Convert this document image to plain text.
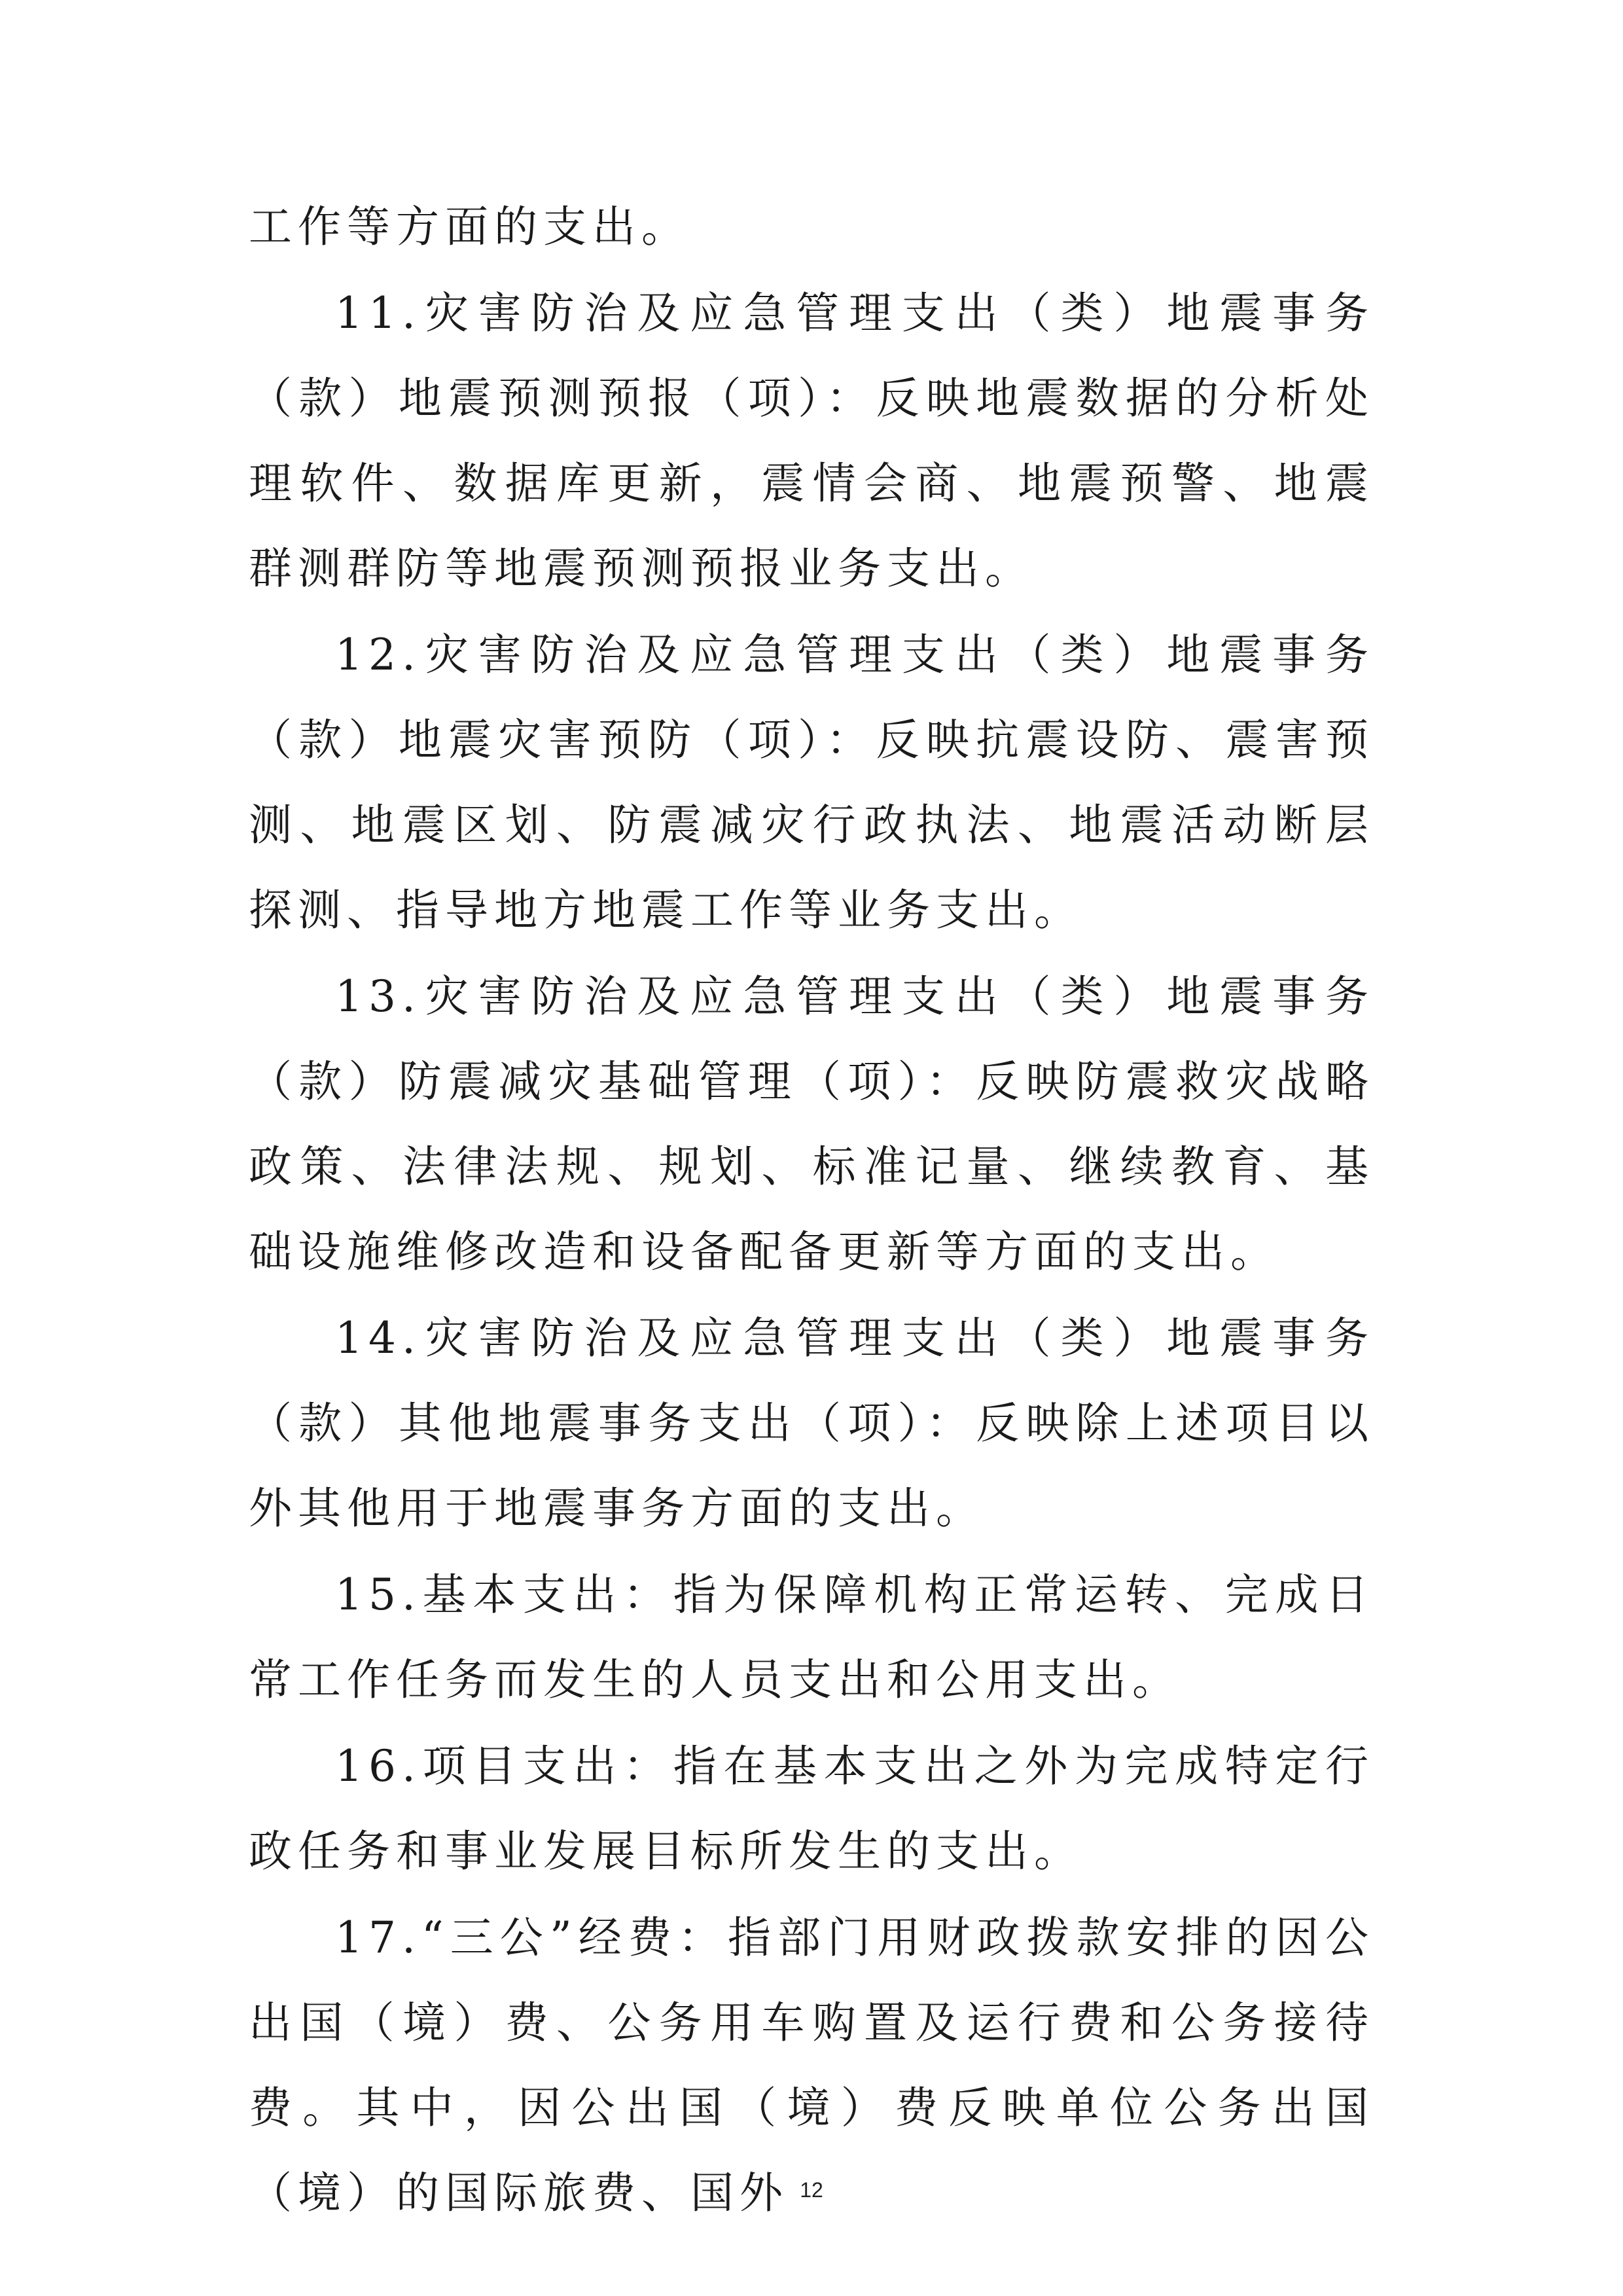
工作等方面的支出。

11.灾害防治及应急管理支出（类）地震事务（款）地震预测预报（项）：反映地震数据的分析处理软件、数据库更新，震情会商、地震预警、地震群测群防等地震预测预报业务支出。

12.灾害防治及应急管理支出（类）地震事务（款）地震灾害预防（项）：反映抗震设防、震害预测、地震区划、防震减灾行政执法、地震活动断层探测、指导地方地震工作等业务支出。

13.灾害防治及应急管理支出（类）地震事务（款）防震减灾基础管理（项）：反映防震救灾战略政策、法律法规、规划、标准记量、继续教育、基础设施维修改造和设备配备更新等方面的支出。

14.灾害防治及应急管理支出（类）地震事务（款）其他地震事务支出（项）：反映除上述项目以外其他用于地震事务方面的支出。

15.基本支出：指为保障机构正常运转、完成日常工作任务而发生的人员支出和公用支出。

16.项目支出：指在基本支出之外为完成特定行政任务和事业发展目标所发生的支出。

17.“三公”经费：指部门用财政拨款安排的因公出国（境）费、公务用车购置及运行费和公务接待费。其中，因公出国（境）费反映单位公务出国（境）的国际旅费、国外 12
